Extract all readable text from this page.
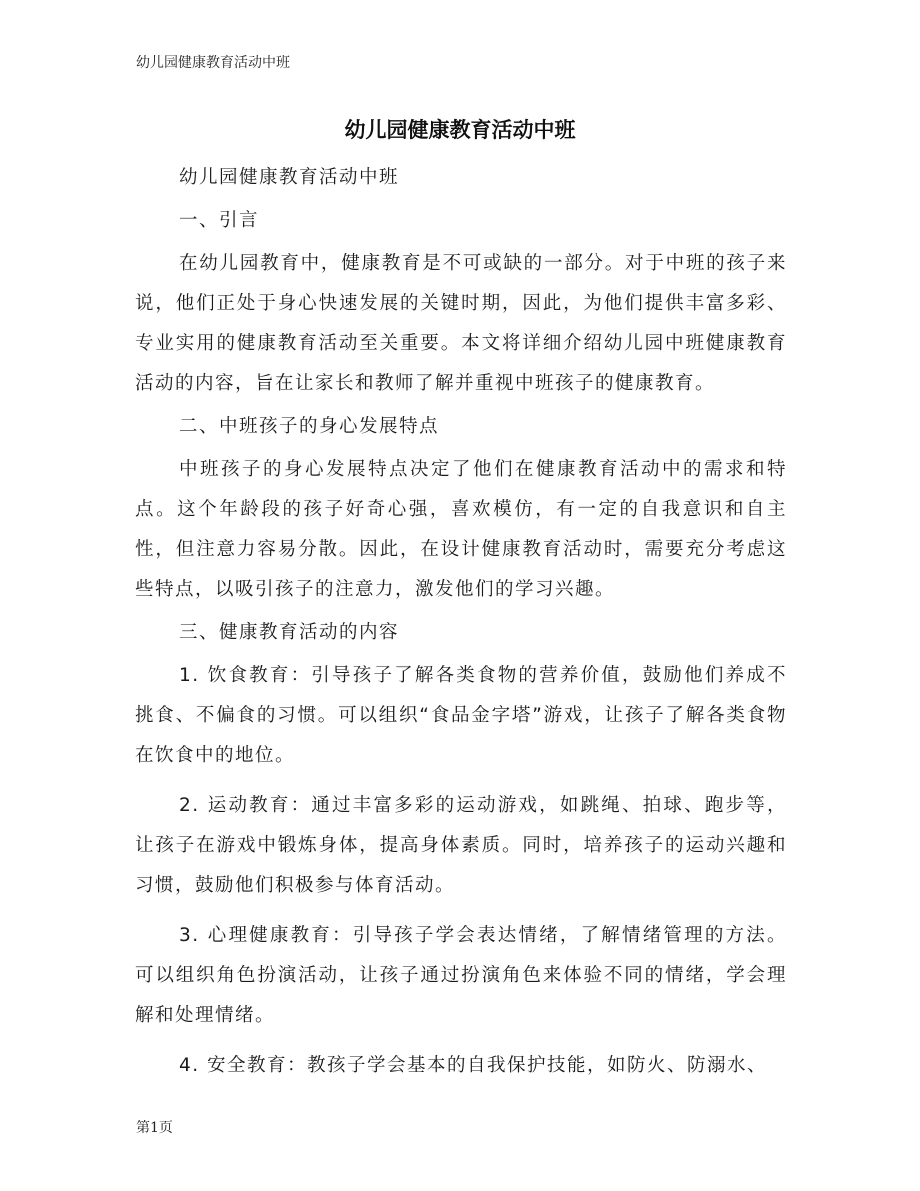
幼儿园健康教育活动中班
幼儿园健康教育活动中班

幼儿园健康教育活动中班

一、引言

在幼儿园教育中，健康教育是不可或缺的一部分。对于中班的孩子来说，他们正处于身心快速发展的关键时期，因此，为他们提供丰富多彩、专业实用的健康教育活动至关重要。本文将详细介绍幼儿园中班健康教育活动的内容，旨在让家长和教师了解并重视中班孩子的健康教育。

二、中班孩子的身心发展特点

中班孩子的身心发展特点决定了他们在健康教育活动中的需求和特点。这个年龄段的孩子好奇心强，喜欢模仿，有一定的自我意识和自主性，但注意力容易分散。因此，在设计健康教育活动时，需要充分考虑这些特点，以吸引孩子的注意力，激发他们的学习兴趣。

三、健康教育活动的内容

1. 饮食教育：引导孩子了解各类食物的营养价值，鼓励他们养成不挑食、不偏食的习惯。可以组织“食品金字塔”游戏，让孩子了解各类食物在饮食中的地位。

2. 运动教育：通过丰富多彩的运动游戏，如跳绳、拍球、跑步等，让孩子在游戏中锻炼身体，提高身体素质。同时，培养孩子的运动兴趣和习惯，鼓励他们积极参与体育活动。

3. 心理健康教育：引导孩子学会表达情绪，了解情绪管理的方法。可以组织角色扮演活动，让孩子通过扮演角色来体验不同的情绪，学会理解和处理情绪。

4. 安全教育：教孩子学会基本的自我保护技能，如防火、防溺水、

第1页
